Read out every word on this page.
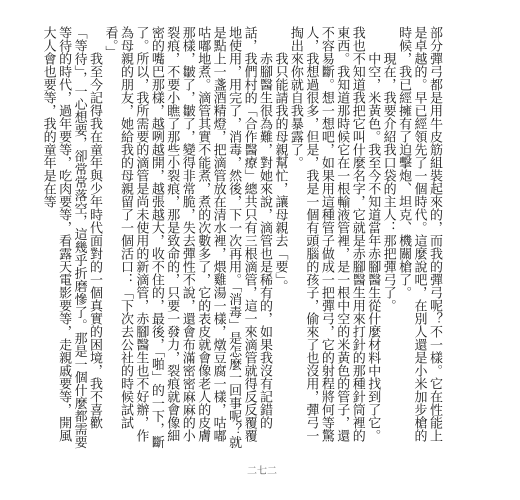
部分彈弓都是用牛皮筋組裝起來的，而我的彈弓呢？不一樣。它在性能上是卓越的。早已經領先了一個時代。這麼說吧，在別人還是小米加步槍的時候，我已經擁有了迫擊炮、坦克、機關槍了。

現在，我要介紹我口袋的主人：那把彈弓了。

中空，米黃色。我至今不知道當年赤腳醫生從什麼材料中找到了它。我也不知道我把它叫什麼名字，它就是赤腳醫生用來打針的那種針筒裡的東西。我知道那時候它在一根輸液管裡，是一根中空的米黃色的管子，還不容易斷。想一想吧，如果用這種管子做成一把彈弓，它的射程將何等驚人，我想過很多，但是，我是一個有頭腦的孩子，偷來了也沒用，彈弓一掏出來你就自我暴露了。

我只能請我的母親幫忙，讓母親去「要」。

赤腳醫生很為難，對她來說，滴管也是稀有的，如果我沒有記錯的話，我們村的「合作醫療」總共只有三根滴管，這一來滴管就得反反覆覆地使用，用完了，消毒，然後，下一次再用。「消毒」是怎麼一回事呢？就是點上一盞酒精燈，把滴管放在清水裡，煨雞湯一樣，燉豆腐一樣，咕嘟咕嘟地煮。滴管其實不能煮，煮的次數多了，它的表皮就會像老人的皮膚那樣，皺了，皺了，變得非常脆，失去彈性不說，還會布滿密密麻麻的小裂痕，不要小瞧了那些小裂痕，那是致命的，只要一發力，裂痕就會像細密的嘴巴那樣，越咧越開，越張越大，收不住的，最後，「啪」的一下，斷了。所以，我所需要的滴管是尚未使用的新滴管，赤腳醫生也不好辦，作為母親的朋友，她給我的母親留了一個活口：「下次去公社的時候試試看。」

我至今記得我在童年與少年時代面對的一個真實的困境，我不喜歡「等待」，一心想要，卻常常落空，這幾乎折磨慘了。那是一個什麼都需要等待的時代，過年要等，吃肉要等，看露天電影要等，走親戚要等，開風大人會也要等，我的童年是在等

二七二
